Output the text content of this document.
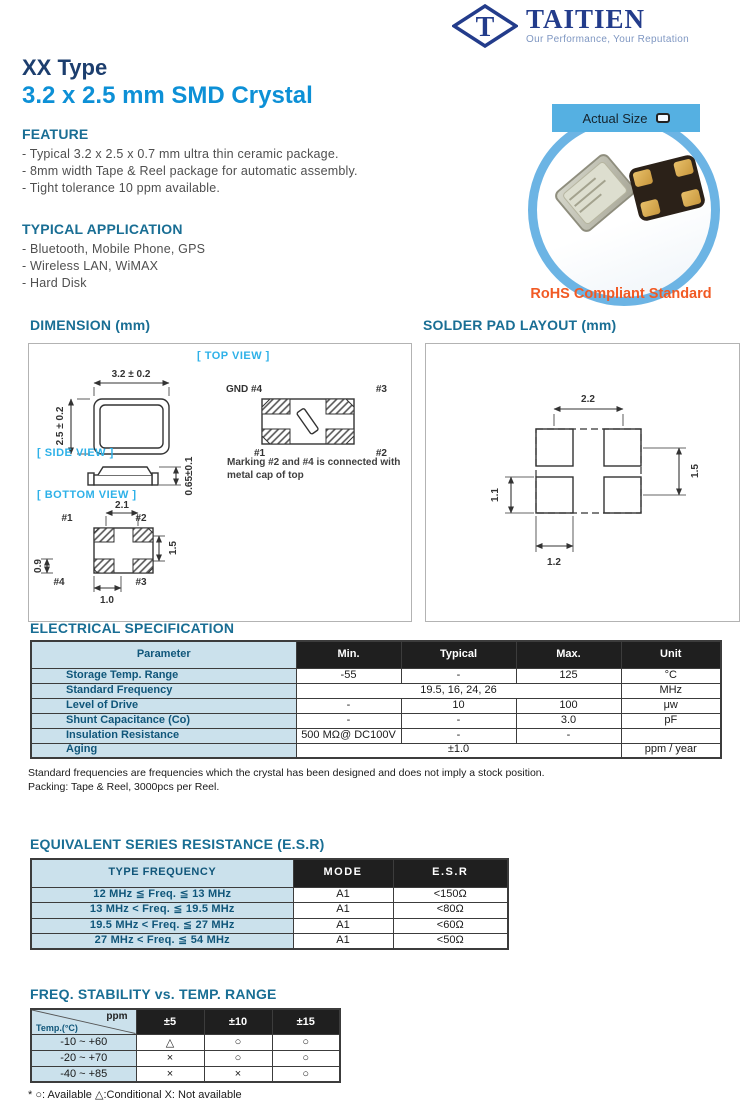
T TAITIEN
Our Performance, Your Reputation
XX Type
3.2 x 2.5 mm SMD Crystal
FEATURE
- Typical 3.2 x 2.5 x 0.7 mm ultra thin ceramic package.
- 8mm width Tape & Reel package for automatic assembly.
- Tight tolerance 10 ppm available.
TYPICAL APPLICATION
- Bluetooth, Mobile Phone, GPS
- Wireless LAN, WiMAX
- Hard Disk
Actual Size
RoHS Compliant Standard
DIMENSION (mm)	SOLDER PAD LAYOUT (mm)
[ TOP VIEW ]
3.2 ± 0.2
2.5 ± 0.2
GND #4	#3
#1	#2
Marking #2 and #4 is connected with metal cap of top
[ SIDE VIEW ]
0.65±0.1
[ BOTTOM VIEW ]
2.1
#1	#2
1.5
0.9
#4	#3
1.0
2.2
1.5
1.1
1.2
ELECTRICAL SPECIFICATION
Parameter	Min.	Typical	Max.	Unit
Storage Temp. Range	-55	-	125	°C
Standard Frequency	19.5, 16, 24, 26			MHz
Level of Drive	-	10	100	μw
Shunt Capacitance (Co)	-	-	3.0	pF
Insulation Resistance	500 MΩ@ DC100V	-	-	
Aging	±1.0			ppm / year
Standard frequencies are frequencies which the crystal has been designed and does not imply a stock position.
Packing: Tape & Reel, 3000pcs per Reel.
EQUIVALENT SERIES RESISTANCE (E.S.R)
TYPE FREQUENCY	MODE	E.S.R
12 MHz ≦ Freq. ≦ 13 MHz	A1	<150Ω
13 MHz < Freq. ≦ 19.5 MHz	A1	<80Ω
19.5 MHz < Freq. ≦ 27 MHz	A1	<60Ω
27 MHz < Freq. ≦ 54 MHz	A1	<50Ω
FREQ. STABILITY vs. TEMP. RANGE
ppm
Temp.(°C)	±5	±10	±15
-10 ~ +60	△	○	○
-20 ~ +70	×	○	○
-40 ~ +85	×	×	○
* ○: Available △:Conditional X: Not available
